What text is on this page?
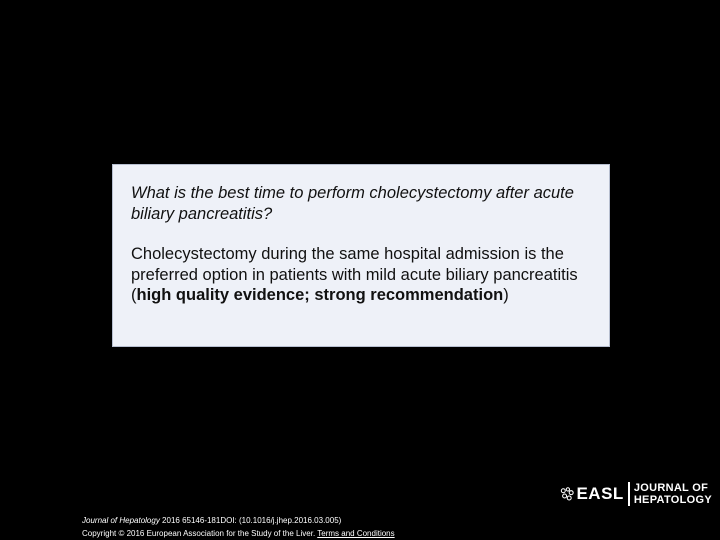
What is the best time to perform cholecystectomy after acute biliary pancreatitis?

Cholecystectomy during the same hospital admission is the preferred option in patients with mild acute biliary pancreatitis (high quality evidence; strong recommendation)

Journal of Hepatology 2016 65146-181DOI: (10.1016/j.jhep.2016.03.005)
Copyright © 2016 European Association for the Study of the Liver. Terms and Conditions
EASL JOURNAL OF
HEPATOLOGY
